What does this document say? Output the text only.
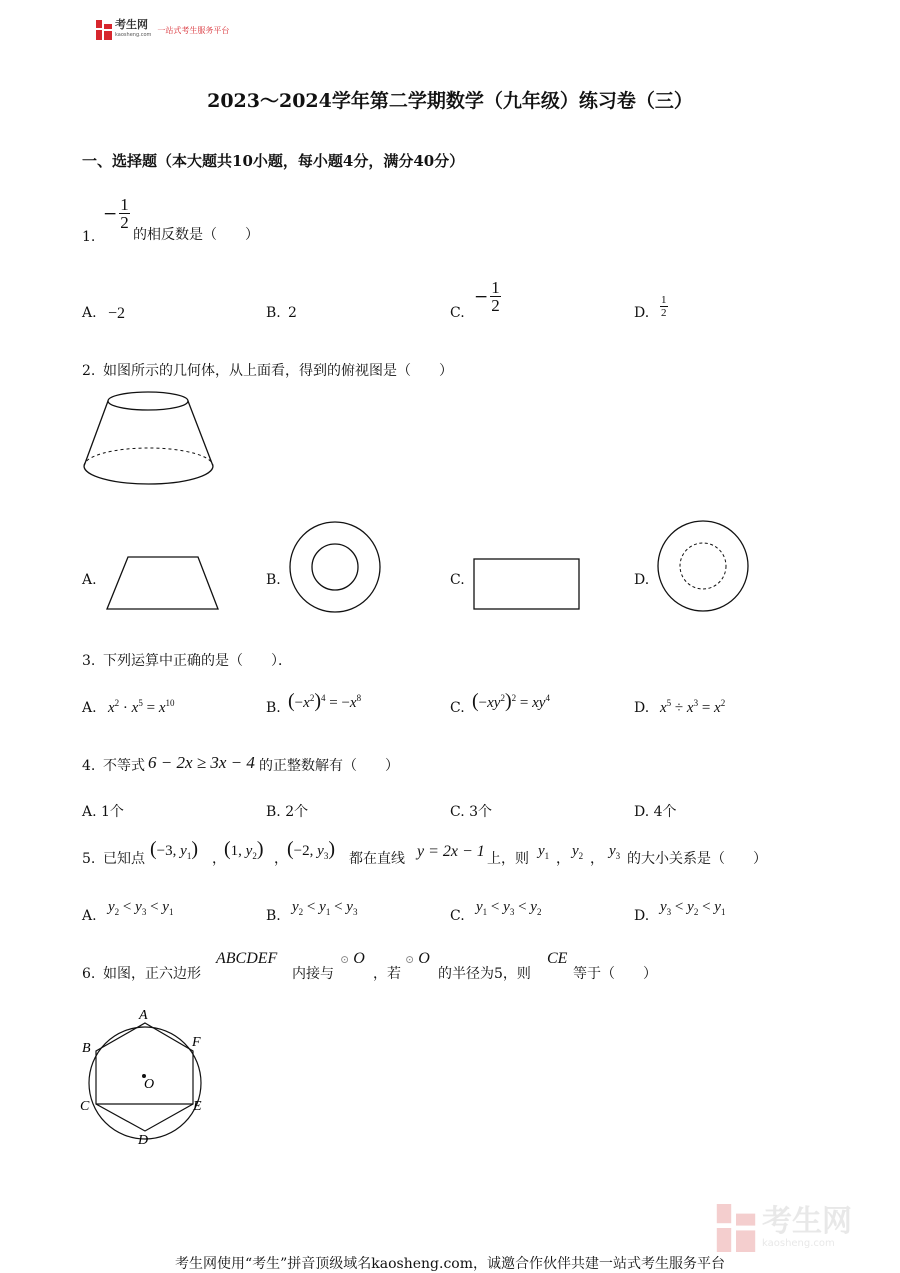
考生网
kaosheng.com
一站式考生服务平台
2023～2024学年第二学期数学（九年级）练习卷（三）
一、选择题（本大题共10小题，每小题4分，满分40分）
1.
− $\frac{1}{2}$
的相反数是（　　）
A. −2	B. 2	C.
− $\frac{1}{2}$	D. $\frac{1}{2}$
2. 如图所示的几何体，从上面看，得到的俯视图是（　　）
A.	B.	C.	D.
3. 下列运算中正确的是（　　）．
A. $x^2 \cdot x^5 = x^{10}$	B. $(-x^2)^4 = -x^8$
C. $(-xy^2)^2 = xy^4$
D. $x^5 \div x^3 = x^2$
4. 不等式 6 − 2x ≥ 3x − 4 的正整数解有（　　）
A. 1个	B. 2个	C. 3个	D. 4个
5. 已知点 (−3, $y_1$) ，
(1, $y_2$) ， (−2, $y_3$) 都在直线 y = 2x − 1 上，则 $y_1$ ， $y_2$ ， $y_3$ 的大小关系是（　　）
A.
$y_2 < y_3 < y_1$	B.
$y_2 < y_1 < y_3$	C.
$y_1 < y_3 < y_2$	D.
$y_3 < y_2 < y_1$
6. 如图，正六边形
ABCDEF
内接与
⊙ O
，若
⊙ O
的半径为5，则
CE
等于（　　）
A
B	F
C	E
D
O
考生网
kaosheng.com
考生网使用“考生”拼音顶级域名kaosheng.com，诚邀合作伙伴共建一站式考生服务平台
